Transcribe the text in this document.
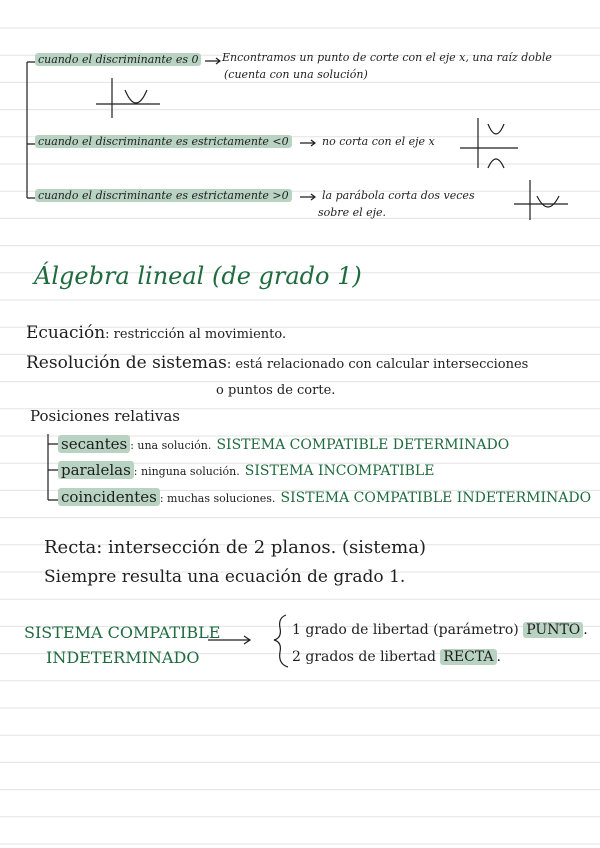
cuando el discriminante es 0 Encontramos un punto de corte con el eje x, una raíz doble
(cuenta con una solución)
cuando el discriminante es estrictamente <0	no corta con el eje x
cuando el discriminante es estrictamente >0	la parábola corta dos veces
sobre el eje.
Álgebra lineal (de grado 1)
Ecuación: restricción al movimiento.
Resolución de sistemas: está relacionado con calcular intersecciones
o puntos de corte.
Posiciones relativas
secantes : una solución. SISTEMA COMPATIBLE DETERMINADO
paralelas : ninguna solución. SISTEMA INCOMPATIBLE
coincidentes : muchas soluciones. SISTEMA COMPATIBLE INDETERMINADO
Recta: intersección de 2 planos. (sistema)
Siempre resulta una ecuación de grado 1.
SISTEMA COMPATIBLE
INDETERMINADO
1 grado de libertad (parámetro) PUNTO .
2 grados de libertad RECTA .
